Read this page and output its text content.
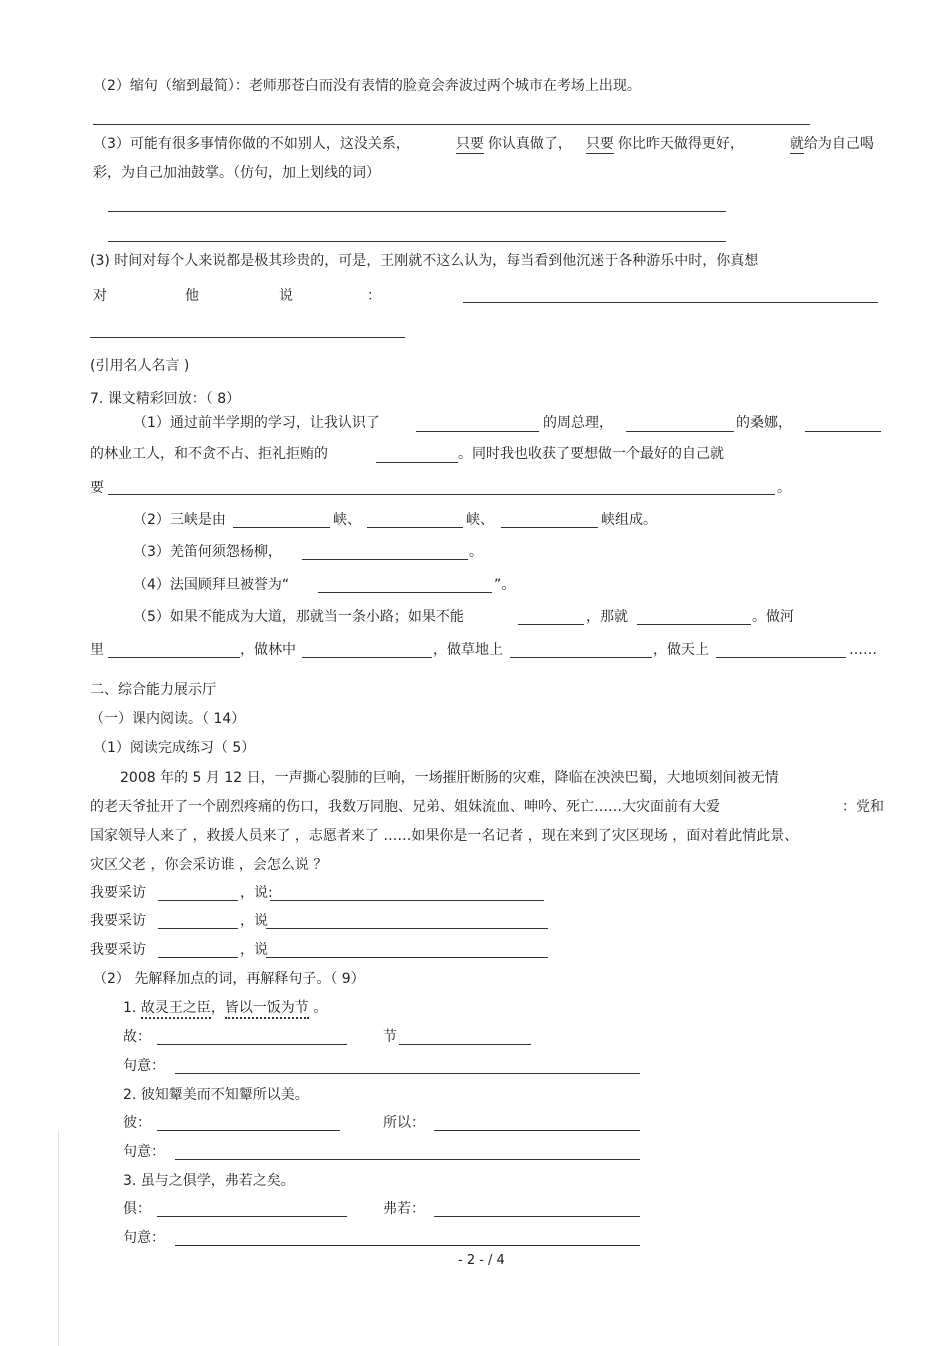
（2）缩句（缩到最简）：老师那苍白而没有表情的脸竟会奔波过两个城市在考场上出现。
（3）可能有很多事情你做的不如别人，这没关系，	只要 你认真做了， 只要 你比昨天做得更好，	就给为自己喝
彩，为自己加油鼓掌。（仿句，加上划线的词）
(3) 时间对每个人来说都是极其珍贵的，可是，王刚就不这么认为，每当看到他沉迷于各种游乐中时，你真想
对	他	说	：
(引用名人名言 )
7. 课文精彩回放：（ 8）
（1）通过前半学期的学习，让我认识了	的周总理，	的桑娜，
的林业工人，和不贪不占、拒礼拒贿的	。同时我也收获了要想做一个最好的自己就
要	。
（2）三峡是由	峡、	峡、	峡组成。
（3）羌笛何须怨杨柳，	。
（4）法国顾拜旦被誉为“	”。
（5）如果不能成为大道，那就当一条小路；如果不能	，那就	。做河
里	，做林中	，做草地上	，做天上	……
二、综合能力展示厅
（一）课内阅读。（ 14）
（1）阅读完成练习（ 5）
2008 年的 5 月 12 日，一声撕心裂肺的巨响，一场摧肝断肠的灾难，降临在泱泱巴蜀，大地顷刻间被无情
的老天爷扯开了一个剧烈疼痛的伤口，我数万同胞、兄弟、姐妹流血、呻吟、死亡……大灾面前有大爱	：党和
国家领导人来了 ，救援人员来了 ，志愿者来了 ……如果你是一名记者 ，现在来到了灾区现场 ，面对着此情此景、
灾区父老 ，你会采访谁 ，会怎么说 ？
我要采访	，说:
我要采访	，说
我要采访	，说
（2） 先解释加点的词，再解释句子。（ 9）
1. 故灵王之臣，皆以一饭为节 。
故：	节
句意：
2. 彼知颦美而不知颦所以美。
彼：	所以：
句意：
3. 虽与之俱学，弗若之矣。
俱：	弗若：
句意：
- 2 - / 4
